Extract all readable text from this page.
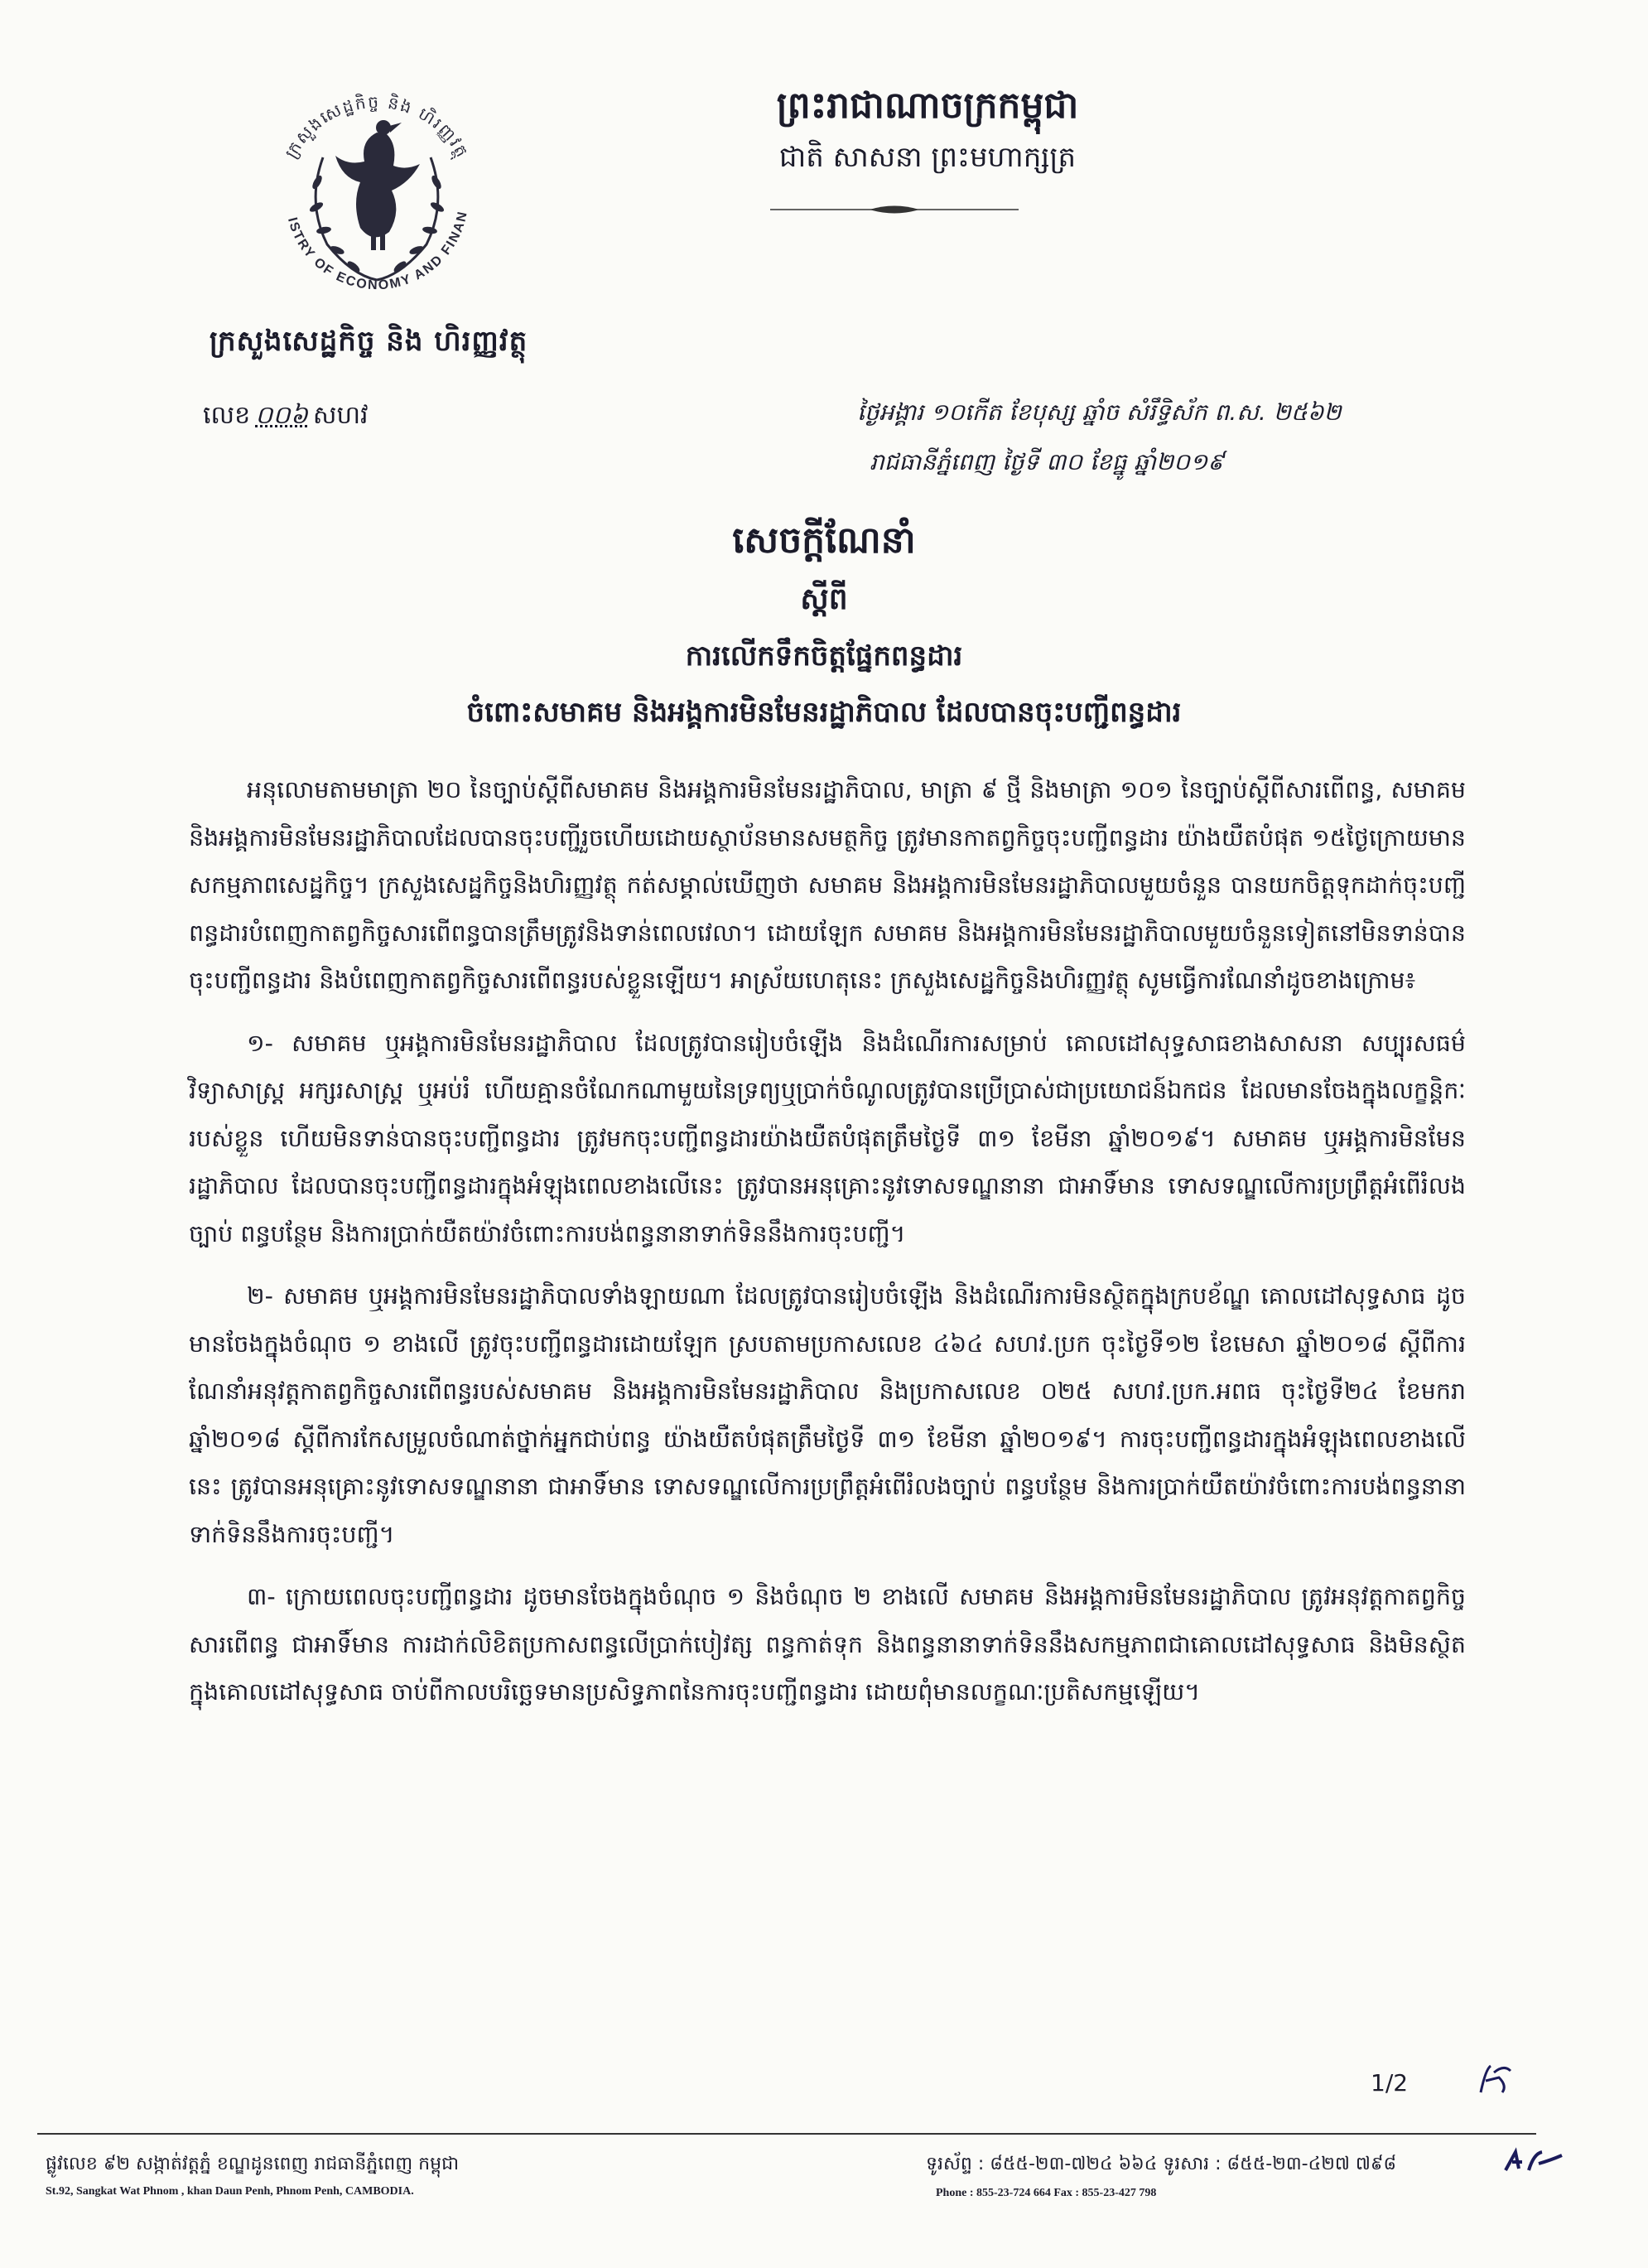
ក្រសួងសេដ្ឋកិច្ច និង ហិរញ្ញវត្ថុ
ISTRY OF ECONOMY AND FINAN
ក្រសួងសេដ្ឋកិច្ច និង ហិរញ្ញវត្ថុ
លេខ ០០៦ សហវ
ព្រះរាជាណាចក្រកម្ពុជា
ជាតិ សាសនា ព្រះមហាក្សត្រ
ថ្ងៃអង្គារ ១០កើត ខែបុស្ស ឆ្នាំច សំរឹទ្ធិស័ក ព.ស. ២៥៦២
រាជធានីភ្នំពេញ ថ្ងៃទី ៣០ ខែធ្នូ ឆ្នាំ២០១៩
សេចក្តីណែនាំ
ស្តីពី
ការលើកទឹកចិត្តផ្នែកពន្ធដារ
ចំពោះសមាគម និងអង្គការមិនមែនរដ្ឋាភិបាល ដែលបានចុះបញ្ជីពន្ធដារ

អនុលោមតាមមាត្រា ២០ នៃច្បាប់ស្តីពីសមាគម និងអង្គការមិនមែនរដ្ឋាភិបាល, មាត្រា ៩ ថ្មី និងមាត្រា ១០១ នៃច្បាប់ស្តីពីសារពើពន្ធ, សមាគម និងអង្គការមិនមែនរដ្ឋាភិបាលដែលបានចុះបញ្ជីរួចហើយដោយស្ថាប័នមានសមត្ថកិច្ច ត្រូវមានកាតព្វកិច្ចចុះបញ្ជីពន្ធដារ យ៉ាងយឺតបំផុត ១៥ថ្ងៃក្រោយមានសកម្មភាពសេដ្ឋកិច្ច។ ក្រសួងសេដ្ឋកិច្ចនិងហិរញ្ញវត្ថុ កត់សម្គាល់ឃើញថា សមាគម និងអង្គការមិនមែនរដ្ឋាភិបាលមួយចំនួន បានយកចិត្តទុកដាក់ចុះបញ្ជីពន្ធដារបំពេញកាតព្វកិច្ចសារពើពន្ធបានត្រឹមត្រូវនិងទាន់ពេលវេលា។ ដោយឡែក សមាគម និងអង្គការមិនមែនរដ្ឋាភិបាលមួយចំនួនទៀតនៅមិនទាន់បានចុះបញ្ជីពន្ធដារ និងបំពេញកាតព្វកិច្ចសារពើពន្ធរបស់ខ្លួនឡើយ។ អាស្រ័យហេតុនេះ ក្រសួងសេដ្ឋកិច្ចនិងហិរញ្ញវត្ថុ សូមធ្វើការណែនាំដូចខាងក្រោម៖

១- សមាគម ឬអង្គការមិនមែនរដ្ឋាភិបាល ដែលត្រូវបានរៀបចំឡើង និងដំណើរការសម្រាប់ គោលដៅសុទ្ធសាធខាងសាសនា សប្បុរសធម៌ វិទ្យាសាស្ត្រ អក្សរសាស្ត្រ ឬអប់រំ ហើយគ្មានចំណែកណាមួយនៃទ្រព្យឬប្រាក់ចំណូលត្រូវបានប្រើប្រាស់ជាប្រយោជន៍ឯកជន ដែលមានចែងក្នុងលក្ខន្តិកៈរបស់ខ្លួន ហើយមិនទាន់បានចុះបញ្ជីពន្ធដារ ត្រូវមកចុះបញ្ជីពន្ធដារយ៉ាងយឺតបំផុតត្រឹមថ្ងៃទី ៣១ ខែមីនា ឆ្នាំ២០១៩។ សមាគម ឬអង្គការមិនមែនរដ្ឋាភិបាល ដែលបានចុះបញ្ជីពន្ធដារក្នុងអំឡុងពេលខាងលើនេះ ត្រូវបានអនុគ្រោះនូវទោសទណ្ឌនានា ជាអាទិ៍មាន ទោសទណ្ឌលើការប្រព្រឹត្តអំពើរំលងច្បាប់ ពន្ធបន្ថែម និងការប្រាក់យឺតយ៉ាវចំពោះការបង់ពន្ធនានាទាក់ទិននឹងការចុះបញ្ជី។

២- សមាគម ឬអង្គការមិនមែនរដ្ឋាភិបាលទាំងឡាយណា ដែលត្រូវបានរៀបចំឡើង និងដំណើរការមិនស្ថិតក្នុងក្របខ័ណ្ឌ គោលដៅសុទ្ធសាធ ដូចមានចែងក្នុងចំណុច ១ ខាងលើ ត្រូវចុះបញ្ជីពន្ធដារដោយឡែក ស្របតាមប្រកាសលេខ ៤៦៤ សហវ.ប្រក ចុះថ្ងៃទី១២ ខែមេសា ឆ្នាំ២០១៨ ស្តីពីការណែនាំអនុវត្តកាតព្វកិច្ចសារពើពន្ធរបស់សមាគម និងអង្គការមិនមែនរដ្ឋាភិបាល និងប្រកាសលេខ ០២៥ សហវ.ប្រក.អពធ ចុះថ្ងៃទី២៤ ខែមករា ឆ្នាំ២០១៨ ស្តីពីការកែសម្រួលចំណាត់ថ្នាក់អ្នកជាប់ពន្ធ យ៉ាងយឺតបំផុតត្រឹមថ្ងៃទី ៣១ ខែមីនា ឆ្នាំ២០១៩។ ការចុះបញ្ជីពន្ធដារក្នុងអំឡុងពេលខាងលើនេះ ត្រូវបានអនុគ្រោះនូវទោសទណ្ឌនានា ជាអាទិ៍មាន ទោសទណ្ឌលើការប្រព្រឹត្តអំពើរំលងច្បាប់ ពន្ធបន្ថែម និងការប្រាក់យឺតយ៉ាវចំពោះការបង់ពន្ធនានាទាក់ទិននឹងការចុះបញ្ជី។

៣- ក្រោយពេលចុះបញ្ជីពន្ធដារ ដូចមានចែងក្នុងចំណុច ១ និងចំណុច ២ ខាងលើ សមាគម និងអង្គការមិនមែនរដ្ឋាភិបាល ត្រូវអនុវត្តកាតព្វកិច្ចសារពើពន្ធ ជាអាទិ៍មាន ការដាក់លិខិតប្រកាសពន្ធលើប្រាក់បៀវត្ស ពន្ធកាត់ទុក និងពន្ធនានាទាក់ទិននឹងសកម្មភាពជាគោលដៅសុទ្ធសាធ និងមិនស្ថិតក្នុងគោលដៅសុទ្ធសាធ ចាប់ពីកាលបរិច្ឆេទមានប្រសិទ្ធភាពនៃការចុះបញ្ជីពន្ធដារ ដោយពុំមានលក្ខណៈប្រតិសកម្មឡើយ។

1/2
ផ្លូវលេខ ៩២ សង្កាត់វត្តភ្នំ ខណ្ឌដូនពេញ រាជធានីភ្នំពេញ កម្ពុជា
St.92, Sangkat Wat Phnom , khan Daun Penh, Phnom Penh, CAMBODIA.
ទូរស័ព្ទ : ៨៥៥-២៣-៧២៤ ៦៦៤ ទូរសារ : ៨៥៥-២៣-៤២៧ ៧៩៨
Phone : 855-23-724 664 Fax : 855-23-427 798
